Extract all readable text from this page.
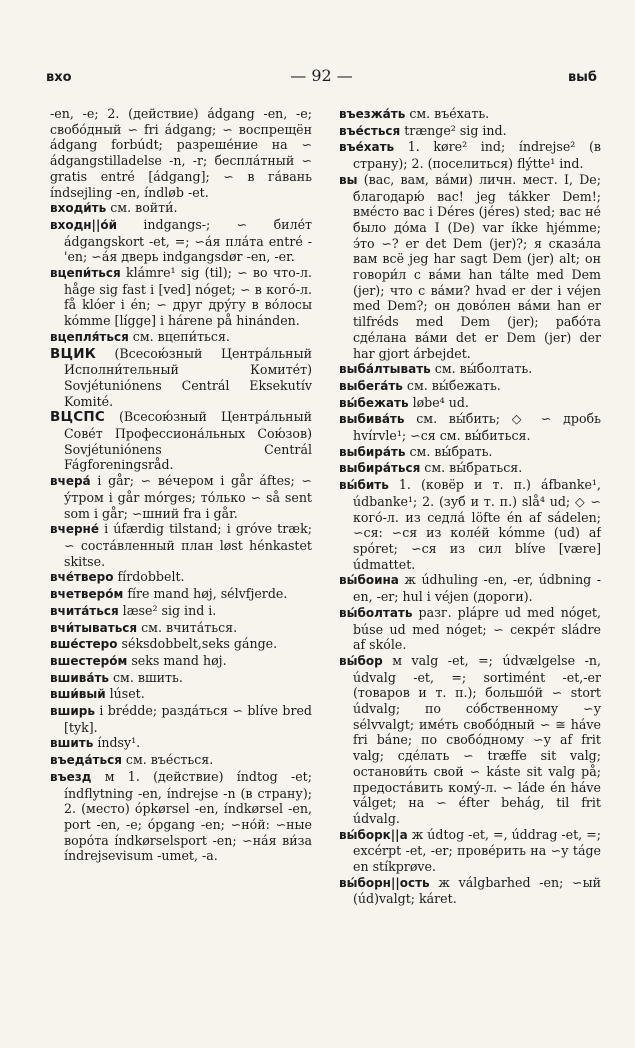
вхо	— 92 —	выб

-en, -e; 2. (действие) ádgang -en, -e; свобо́дный ∽ fri ádgang; ∽ воспрещён ádgang forbúdt; разреше́ние на ∽ ádgangstilladelse -n, -r; беспла́тный ∽ gratis entré [ádgang]; ∽ в га́вань índsejling -en, índløb -et.

входи́ть см. войти́.

входн||о́й indgangs-; ∽ биле́т ádgangskort -et, =; ∽а́я пла́та entré -'en; ∽а́я дверь indgangsdør -en, -er.

вцепи́ться klámre¹ sig (til); ∽ во что-л. håge sig fast i [ved] nóget; ∽ в кого́-л. få klóer i én; ∽ друг дру́гу в во́лосы kómme [lígge] i hárene på hinánden.

вцепля́ться см. вцепи́ться.

ВЦИК (Всесою́зный Центра́льный Исполни́тельный Комите́т) Sovjétuniónens Centrál Eksekutív Komité.

ВЦСПС (Всесою́зный Центра́льный Сове́т Профессиона́льных Сою́зов) Sovjétuniónens Centrál Fágforeningsråd.

вчера́ i går; ∽ ве́чером i går áftes; ∽ у́тром i går mórges; то́лько ∽ så sent som i går; ∽шний fra i går.

вчерне́ i úfærdig tilstand; i gróve træk; ∽ соста́вленный план løst hénkastet skitse.

вче́тверо fírdobbelt.

вчетверо́м fíre mand høj, sélvfjerde.

вчита́ться læse² sig ind i.

вчи́тываться см. вчита́ться.

вше́стеро séksdobbelt,seks gánge.

вшестеро́м seks mand høj.

вшива́ть см. вшить.

вши́вый lúset.

вширь i brédde; разда́ться ∽ blíve bred [tyk].

вшить índsy¹.

въеда́ться см. въе́сться.

въезд м 1. (действие) índtog -et; índflytning -en, índrejse -n (в страну); 2. (место) ópkørsel -en, índkørsel -en, port -en, -e; ópgang -en; ∽но́й: ∽ные воро́та índkørselsport -en; ∽на́я ви́за índrejsevisum -umet, -a.

въезжа́ть см. въе́хать.

въе́сться trænge² sig ind.

въе́хать 1. køre² ind; índrejse² (в страну); 2. (поселиться) flýtte¹ ind.

вы (вас, вам, ва́ми) личн. мест. I, De; благодарю́ вас! jeg tákker Dem!; вме́сто вас i Déres (jéres) sted; вас не́ было до́ма I (De) var íkke hjémme; э́то ∽? er det Dem (jer)?; я сказа́ла вам всё jeg har sagt Dem (jer) alt; он говори́л с ва́ми han tálte med Dem (jer); что с ва́ми? hvad er der i véjen med Dem?; он дово́лен ва́ми han er tilfréds med Dem (jer); рабо́та сде́лана ва́ми det er Dem (jer) der har gjort árbejdet.

выба́лтывать см. вы́болтать.

выбега́ть см. вы́бежать.

вы́бежать løbe⁴ ud.

выбива́ть см. вы́бить; ◇ ∽ дробь hvírvle¹; ∽ся см. вы́биться.

выбира́ть см. вы́брать.

выбира́ться см. вы́браться.

вы́бить 1. (ковёр и т. п.) áfbanke¹, údbanke¹; 2. (зуб и т. п.) slå⁴ ud; ◇ ∽ кого́-л. из седла́ löfte én af sádelen; ∽ся: ∽ся из коле́й kómme (ud) af spóret; ∽ся из сил blíve [være] údmattet.

вы́боина ж údhuling -en, -er, údbning -en, -er; hul i véjen (дороги).

вы́болтать разг. plápre ud med nóget, búse ud med nóget; ∽ секре́т sládre af skóle.

вы́бор м valg -et, =; údvælgelse -n, údvalg -et, =; sortimént -et,-er (товаров и т. п.); большо́й ∽ stort údvalg; по со́бственному ∽у sélvvalgt; име́ть свобо́дный ∽ ≅ háve fri báne; по свобо́дному ∽у af frit valg; сде́лать ∽ træffe sit valg; останови́ть свой ∽ káste sit valg på; предоста́вить кому́-л. ∽ láde én háve válget; на ∽ éfter behág, til frit údvalg.

вы́борк||а ж údtog -et, =, úddrag -et, =; excérpt -et, -er; прове́рить на ∽у táge en stíkprøve.

вы́борн||ость ж válgbarhed -en; ∽ый (úd)valgt; káret.
